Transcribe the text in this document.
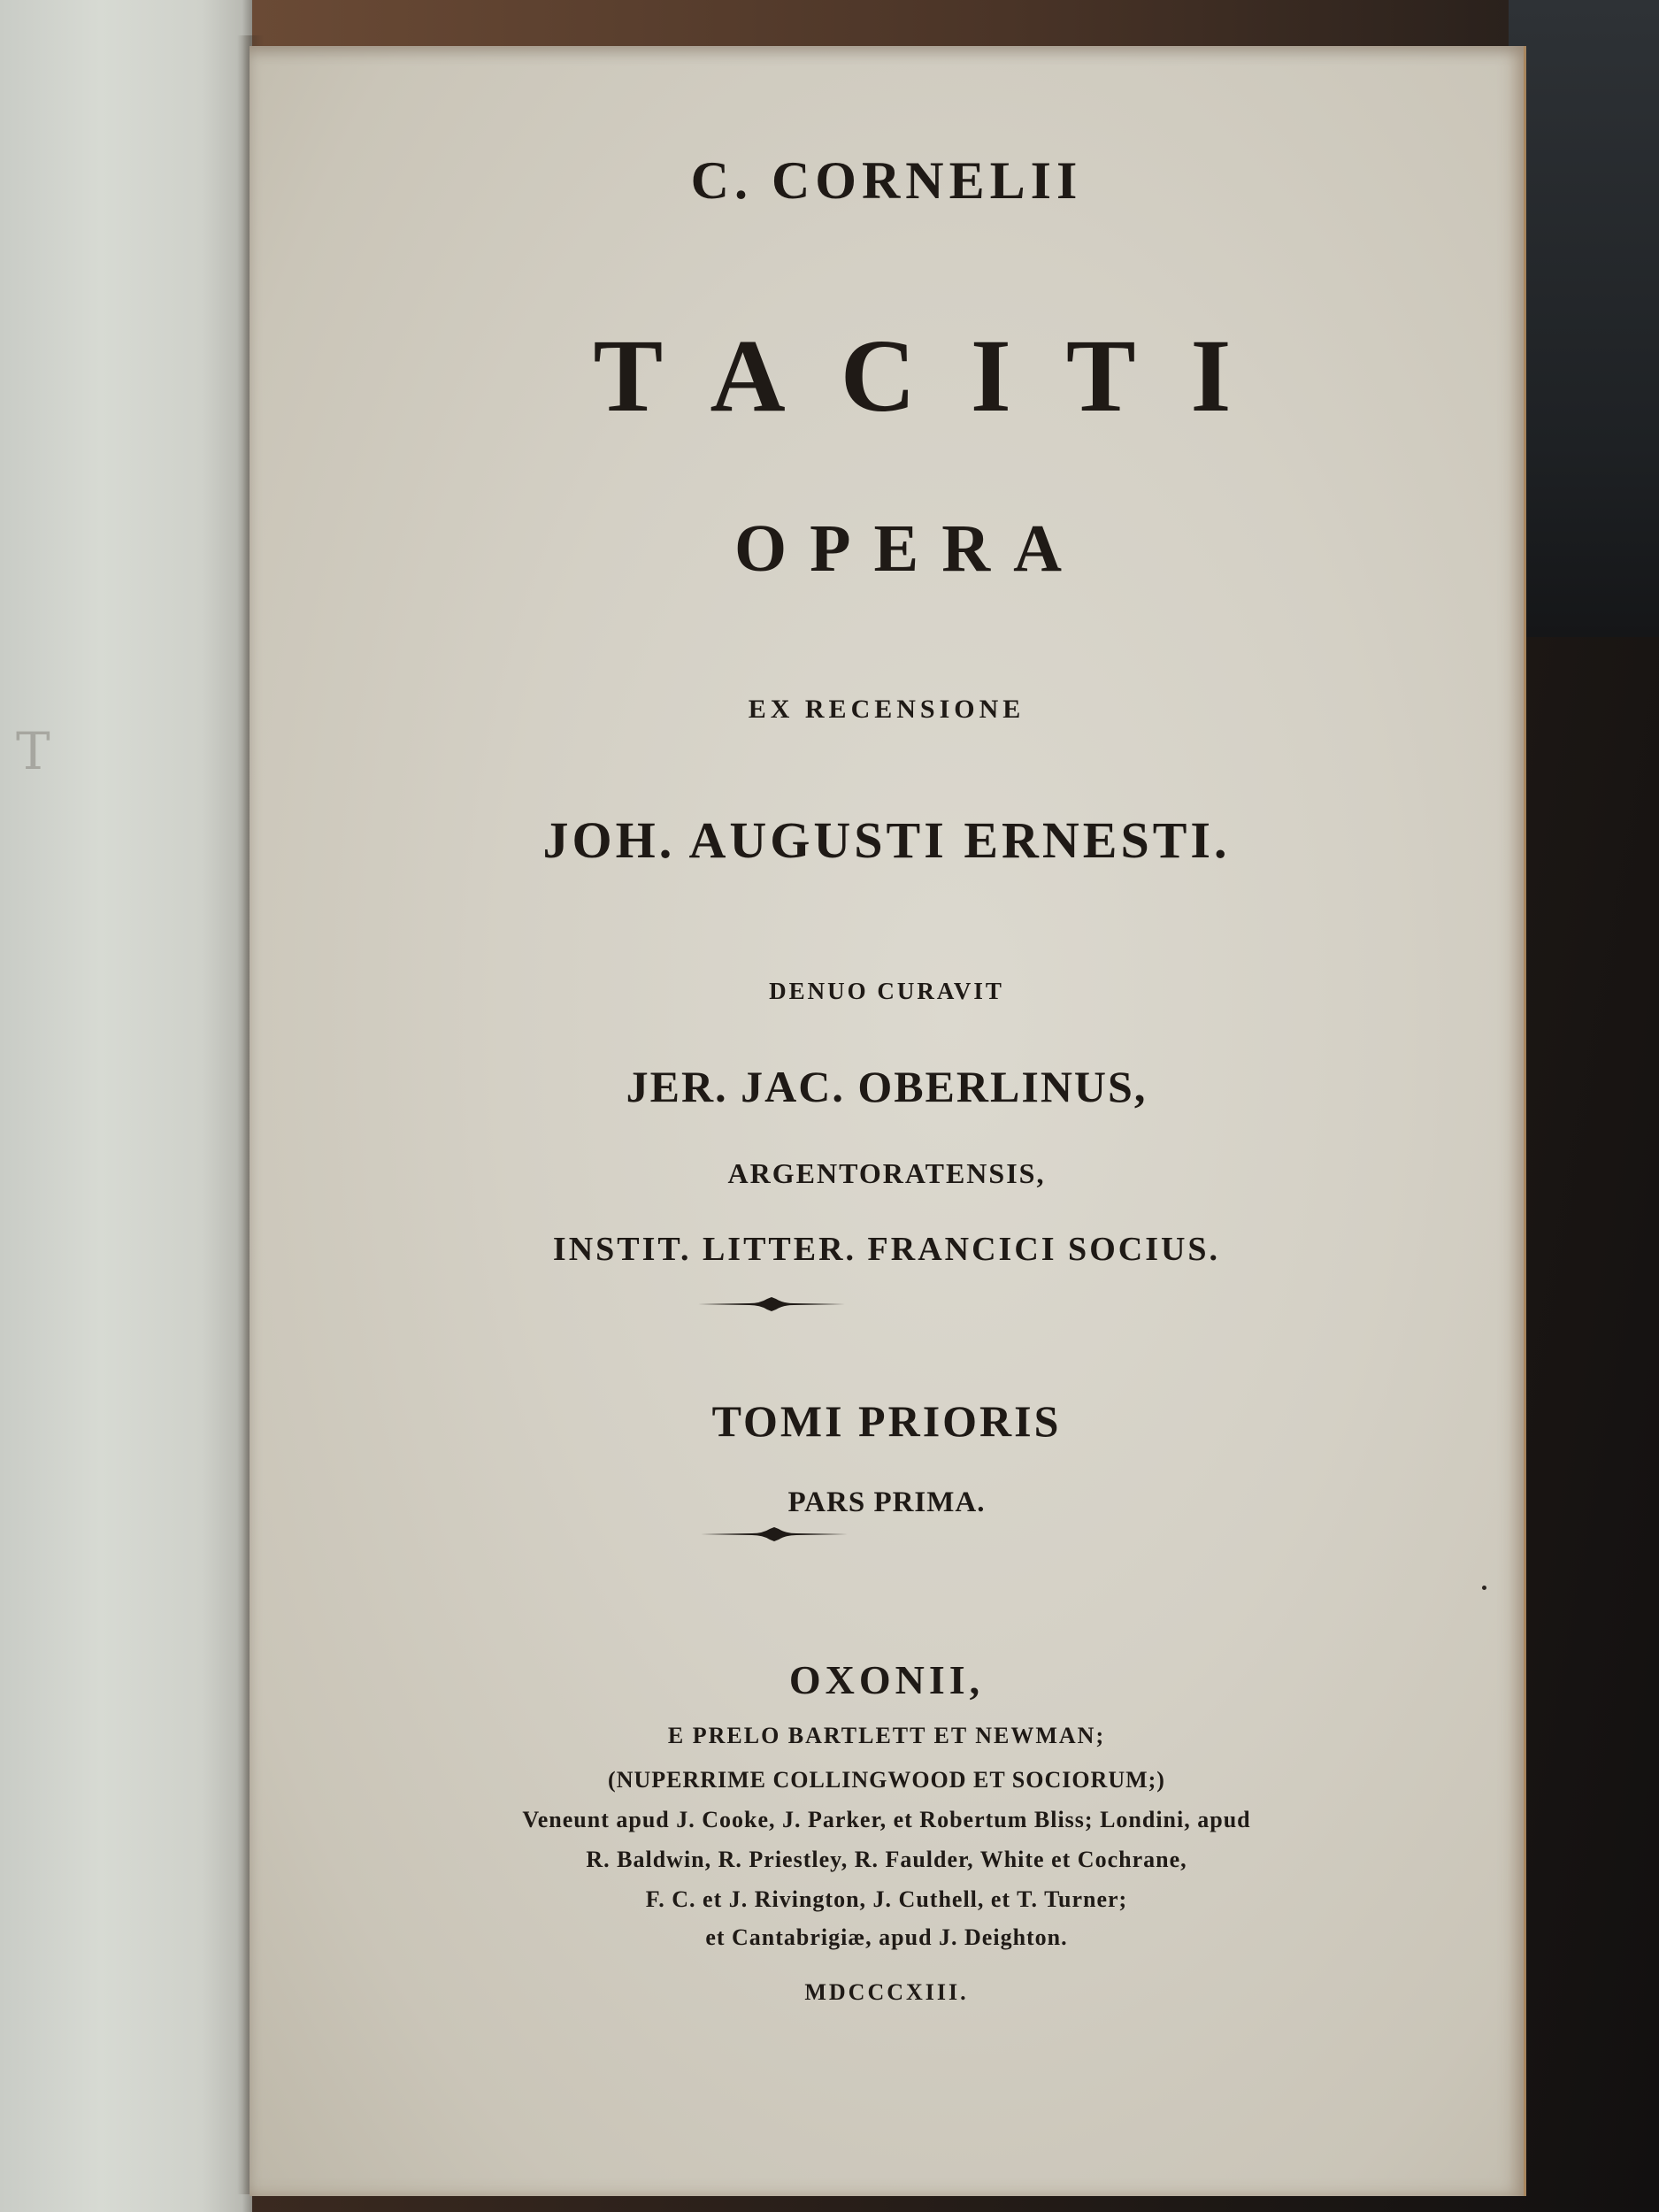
T
C. CORNELII
TACITI
OPERA
EX RECENSIONE
JOH. AUGUSTI ERNESTI.
DENUO CURAVIT
JER. JAC. OBERLINUS,
ARGENTORATENSIS,
INSTIT. LITTER. FRANCICI SOCIUS.
TOMI PRIORIS
PARS PRIMA.
OXONII,
E PRELO BARTLETT ET NEWMAN;
(NUPERRIME COLLINGWOOD ET SOCIORUM;)
Veneunt apud J. Cooke, J. Parker, et Robertum Bliss; Londini, apud
R. Baldwin, R. Priestley, R. Faulder, White et Cochrane,
F. C. et J. Rivington, J. Cuthell, et T. Turner;
et Cantabrigiæ, apud J. Deighton.
MDCCCXIII.
